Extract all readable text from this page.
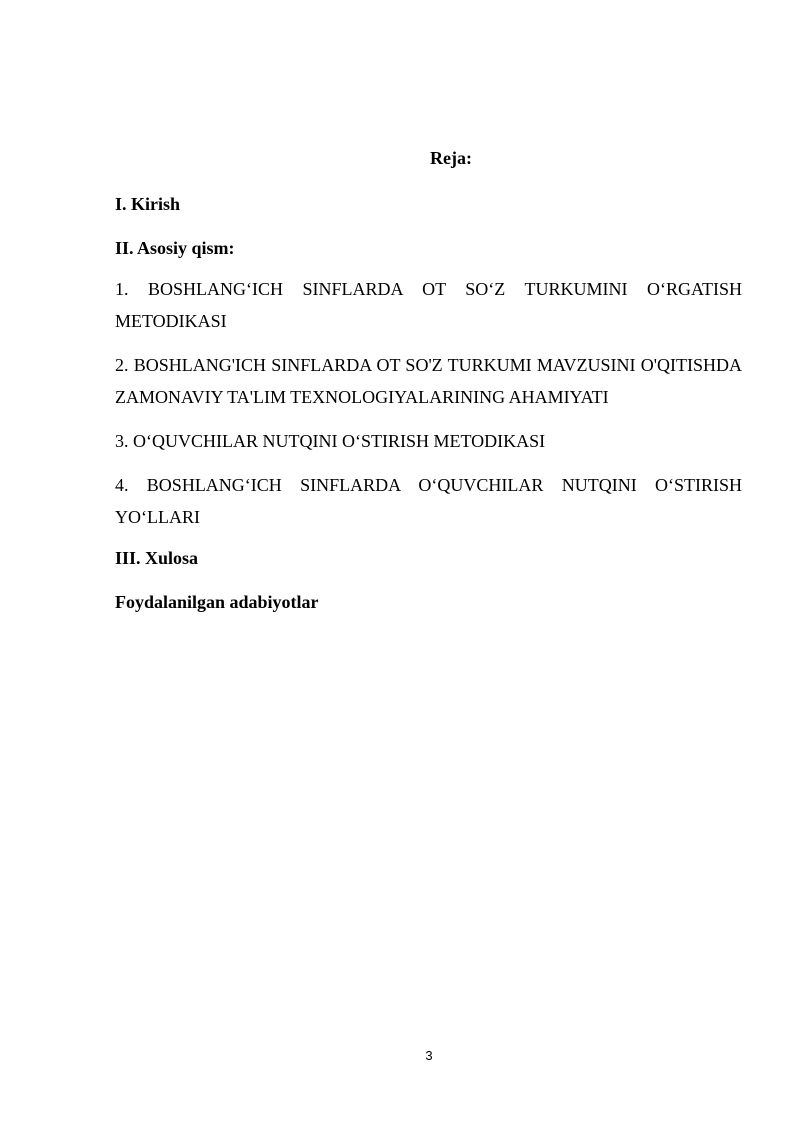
Reja:

I. Kirish

II. Asosiy qism:

1. BOSHLANG‘ICH SINFLARDA OT SO‘Z TURKUMINI O‘RGATISH METODIKASI

2. BOSHLANG'ICH SINFLARDA OT SO'Z TURKUMI MAVZUSINI O'QITISHDA ZAMONAVIY TA'LIM TEXNOLOGIYALARINING AHAMIYATI

3. O‘QUVCHILAR NUTQINI O‘STIRISH METODIKASI

4. BOSHLANG‘ICH SINFLARDA O‘QUVCHILAR NUTQINI O‘STIRISH YO‘LLARI

III. Xulosa

Foydalanilgan adabiyotlar

3
